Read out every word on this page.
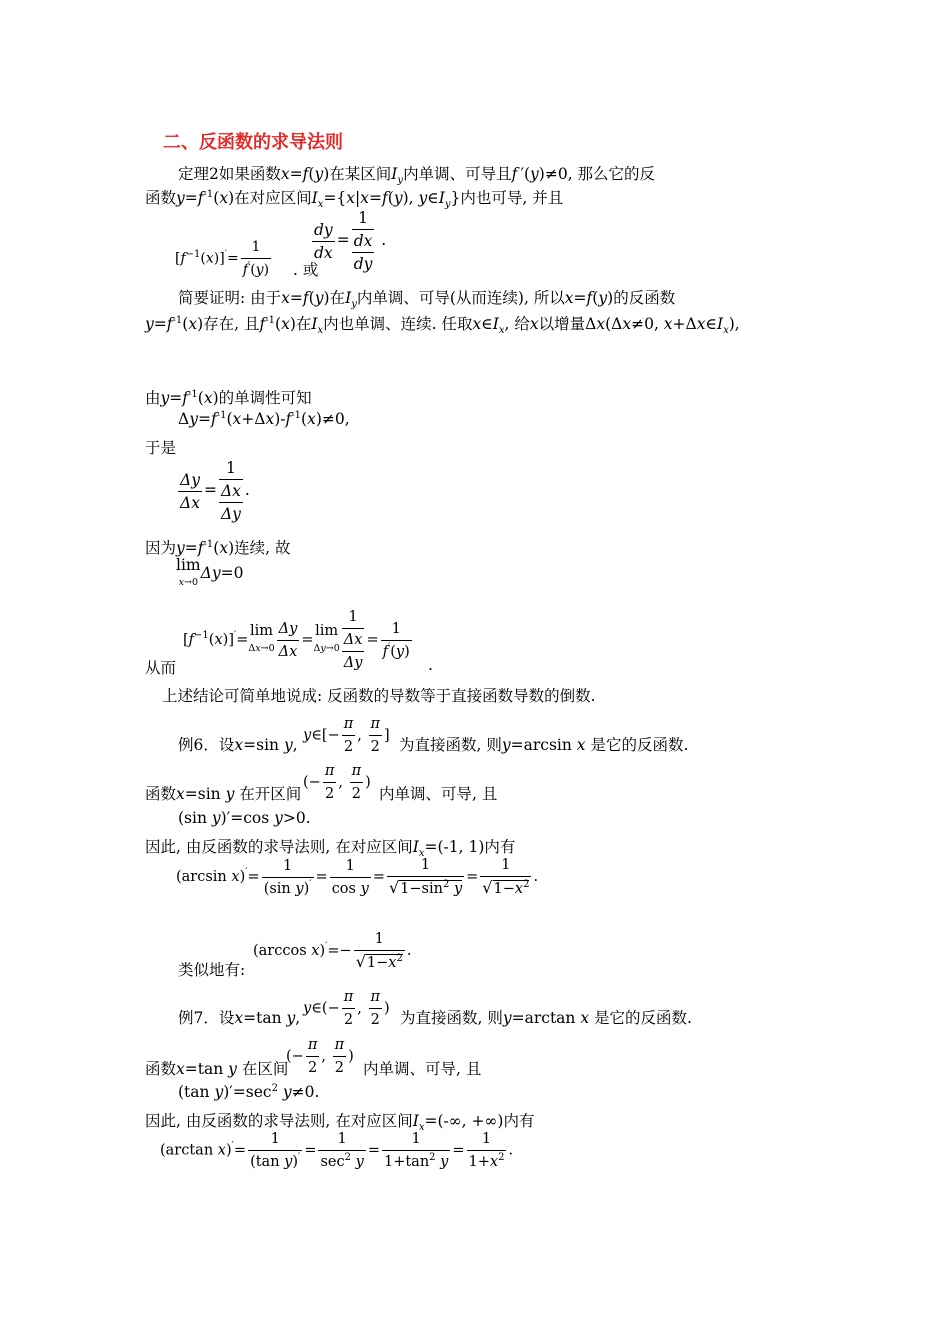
二、反函数的求导法则
定理2如果函数x=f(y)在某区间$I_y$内单调、可导且f ′(y)≠0, 那么它的反
函数$y=f^{-1}(x)$在对应区间$I_x=\{x|x=f(y)$, $y\in I_y$}内也可导, 并且
$[f^{-1}(x)]'= \frac{1}{f'(y)}$ . 或
$\frac{dy}{dx}$ =
1
dx
dy
.
简要证明: 由于x=f(y)在$I_y$内单调、可导(从而连续), 所以x=f(y)的反函数
$y=f^{-1}(x)$存在, 且$f^{-1}(x)$在$I_x$内也单调、连续. 任取$x\in I_x$, 给x以增量Δx(Δx≠0, $x+\Delta x\in I_x$),
由$y=f^{-1}(x)$的单调性可知
$\Delta y=f^{-1}(x+\Delta x)-f^{-1}(x)\ne 0$,
于是
$\frac{\Delta y}{\Delta x}$ =
1
Δx
Δy
.
因为$y=f^{-1}(x)$连续, 故
lim
x→0
Δy=0
$[f^{-1}(x)]'=\lim$
$\Delta x\to 0 \frac{\Delta y}{\Delta x} =\lim$
Δy→0
1
Δx
Δy
= $\frac{1}{f'(y)}$
从而	.
上述结论可简单地说成: 反函数的导数等于直接函数导数的倒数.
y∈[− $\frac{\pi}{2}$ , $\frac{\pi}{2}$ ]
例6．设x=sin y,	为直接函数, 则y=arcsin x 是它的反函数.
(− $\frac{\pi}{2}$ , $\frac{\pi}{2}$ )
函数x=sin y 在开区间	内单调、可导, 且
(sin y)′=cos y>0.
因此, 由反函数的求导法则, 在对应区间$I_x=(-1$, 1)内有
(arcsin $x)'= \frac{1}{(\sin y)'} = \frac{1}{\text{cos y}} = \frac{1}{√1-\sin^2 y} = \frac{1}{√1-x^2}$ .
类似地有:
(arccos $x)'=- \frac{1}{√1-x^2}$ .
y∈(− $\frac{\pi}{2}$ , $\frac{\pi}{2}$ )
例7．设x=tan y,	为直接函数, 则y=arctan x 是它的反函数.
(− $\frac{\pi}{2}$ , $\frac{\pi}{2}$ )
函数x=tan y 在区间	内单调、可导, 且
(tan $y)'=\sec^2$ y≠0.
因此, 由反函数的求导法则, 在对应区间$I_x=(-\infty$, +∞)内有
(arctan $x)'= \frac{1}{(\tan y)'} = \frac{1}{\sec^2 y} = \frac{1}{1+\tan^2 y} = \frac{1}{1+x^2}$ .
